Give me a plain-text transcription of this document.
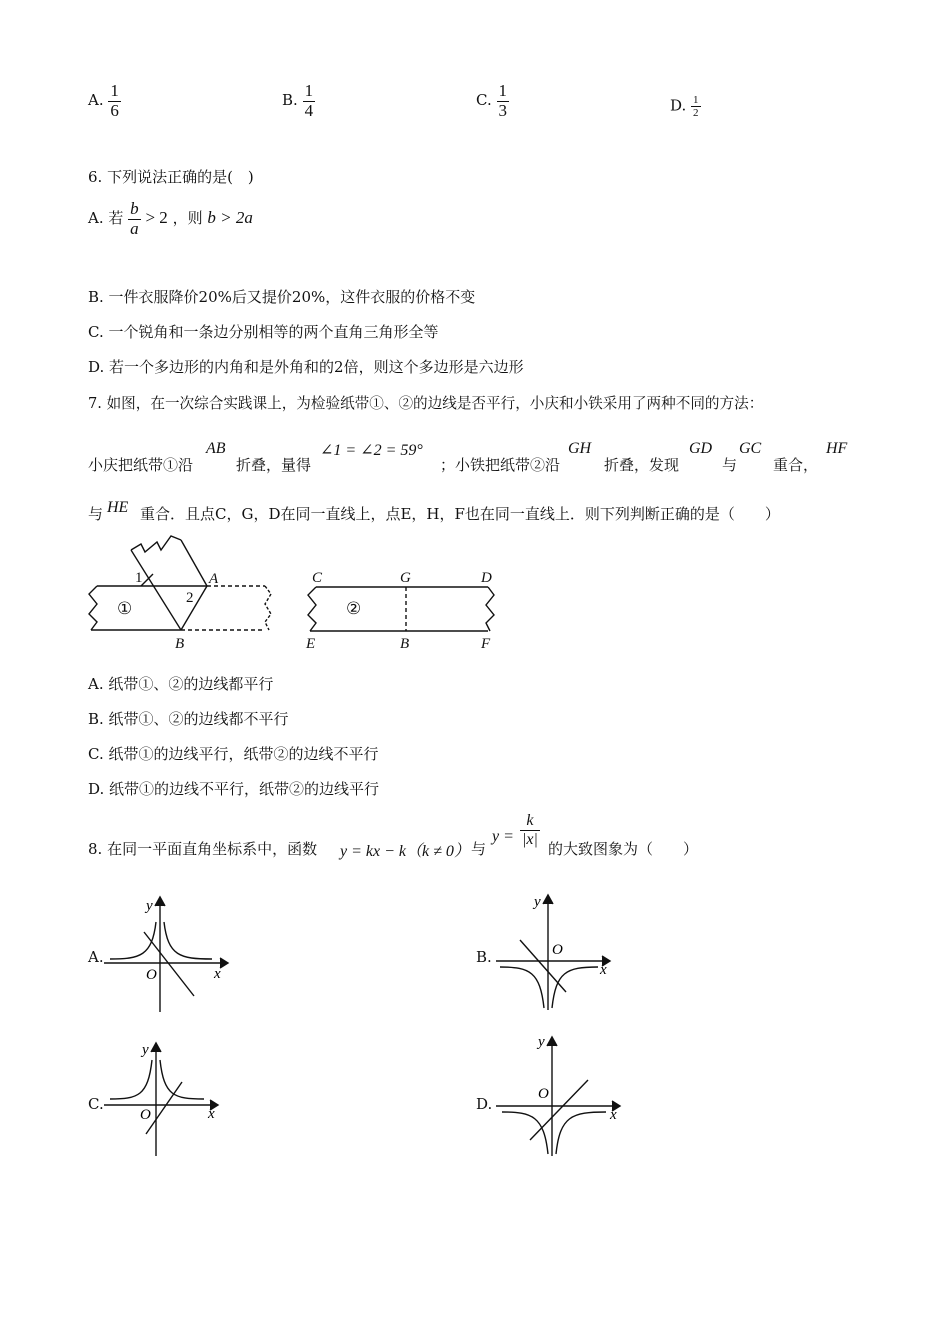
A. $\frac{1}{6}$	B. $\frac{1}{4}$	C. $\frac{1}{3}$	D. $\frac{1}{2}$
6. 下列说法正确的是(　)
A. 若 $\frac{b}{a} > 2$ ，则 b > 2a
B. 一件衣服降价20%后又提价20%，这件衣服的价格不变
C. 一个锐角和一条边分别相等的两个直角三角形全等
D. 若一个多边形的内角和是外角和的2倍，则这个多边形是六边形
7. 如图，在一次综合实践课上，为检验纸带①、②的边线是否平行，小庆和小铁采用了两种不同的方法：
小庆把纸带①沿
AB
折叠，量得
∠1 = ∠2 = 59°
；小铁把纸带②沿
GH
折叠，发现
GD
与
GC
重合，
HF
与 HE 重合．且点C，G，D在同一直线上，点E，H，F也在同一直线上．则下列判断正确的是（　　）
1
2
A
B
①
C	G	D
E	B	F
②
A. 纸带①、②的边线都平行
B. 纸带①、②的边线都不平行
C. 纸带①的边线平行，纸带②的边线不平行
D. 纸带①的边线不平行，纸带②的边线平行
8. 在同一平面直角坐标系中，函数 y = kx − k（k ≠ 0） 与
$y = \frac{k}{|x|}$
的大致图象为（　　）
A.
y
x
O
B.
y
x
O
C.
y
x
O
D.
y
x
O
